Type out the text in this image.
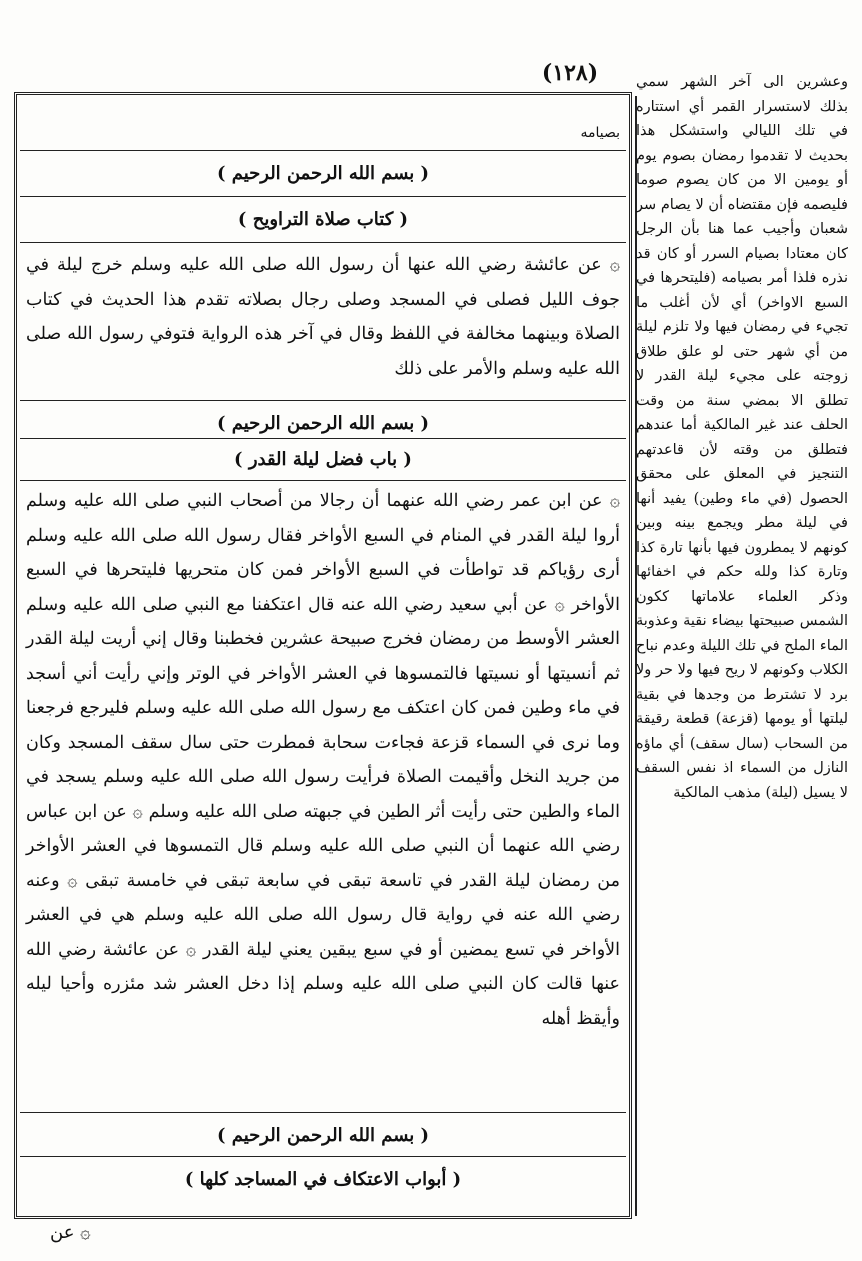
(١٢٨)
بصيامه
( بسم الله الرحمن الرحيم )
( كتاب صلاة التراويح )
۞ عن عائشة رضي الله عنها أن رسول الله صلى الله عليه وسلم خرج ليلة في جوف الليل فصلى في المسجد وصلى رجال بصلاته تقدم هذا الحديث في كتاب الصلاة وبينهما مخالفة في اللفظ وقال في آخر هذه الرواية فتوفي رسول الله صلى الله عليه وسلم والأمر على ذلك
( بسم الله الرحمن الرحيم )
( باب فضل ليلة القدر )
۞ عن ابن عمر رضي الله عنهما أن رجالا من أصحاب النبي صلى الله عليه وسلم أروا ليلة القدر في المنام في السبع الأواخر فقال رسول الله صلى الله عليه وسلم أرى رؤياكم قد تواطأت في السبع الأواخر فمن كان متحريها فليتحرها في السبع الأواخر ۞ عن أبي سعيد رضي الله عنه قال اعتكفنا مع النبي صلى الله عليه وسلم العشر الأوسط من رمضان فخرج صبيحة عشرين فخطبنا وقال إني أريت ليلة القدر ثم أنسيتها أو نسيتها فالتمسوها في العشر الأواخر في الوتر وإني رأيت أني أسجد في ماء وطين فمن كان اعتكف مع رسول الله صلى الله عليه وسلم فليرجع فرجعنا وما نرى في السماء قزعة فجاءت سحابة فمطرت حتى سال سقف المسجد وكان من جريد النخل وأقيمت الصلاة فرأيت رسول الله صلى الله عليه وسلم يسجد في الماء والطين حتى رأيت أثر الطين في جبهته صلى الله عليه وسلم ۞ عن ابن عباس رضي الله عنهما أن النبي صلى الله عليه وسلم قال التمسوها في العشر الأواخر من رمضان ليلة القدر في تاسعة تبقى في سابعة تبقى في خامسة تبقى ۞ وعنه رضي الله عنه في رواية قال رسول الله صلى الله عليه وسلم هي في العشر الأواخر في تسع يمضين أو في سبع يبقين يعني ليلة القدر ۞ عن عائشة رضي الله عنها قالت كان النبي صلى الله عليه وسلم إذا دخل العشر شد مئزره وأحيا ليله وأيقظ أهله
( بسم الله الرحمن الرحيم )
( أبواب الاعتكاف في المساجد كلها )
وعشرين الى آخر الشهر سمي بذلك لاستسرار القمر أي استتاره في تلك الليالي واستشكل هذا بحديث لا تقدموا رمضان بصوم يوم أو يومين الا من كان يصوم صوما فليصمه فإن مقتضاه أن لا يصام سر شعبان وأجيب عما هنا بأن الرجل كان معتادا بصيام السرر أو كان قد نذره فلذا أمر بصيامه (فليتحرها في السبع الاواخر) أي لأن أغلب ما تجيء في رمضان فيها ولا تلزم ليلة من أي شهر حتى لو علق طلاق زوجته على مجيء ليلة القدر لا تطلق الا بمضي سنة من وقت الحلف عند غير المالكية أما عندهم فتطلق من وقته لأن قاعدتهم التنجيز في المعلق على محقق الحصول (في ماء وطين) يفيد أنها في ليلة مطر ويجمع بينه وبين كونهم لا يمطرون فيها بأنها تارة كذا وتارة كذا ولله حكم في اخفائها وذكر العلماء علاماتها ككون الشمس صبيحتها بيضاء نقية وعذوبة الماء الملح في تلك الليلة وعدم نباح الكلاب وكونهم لا ريح فيها ولا حر ولا برد لا تشترط من وجدها في بقية ليلتها أو يومها (قزعة) قطعة رقيقة من السحاب (سال سقف) أي ماؤه النازل من السماء اذ نفس السقف لا يسيل (ليلة) مذهب المالكية
۞ عن
